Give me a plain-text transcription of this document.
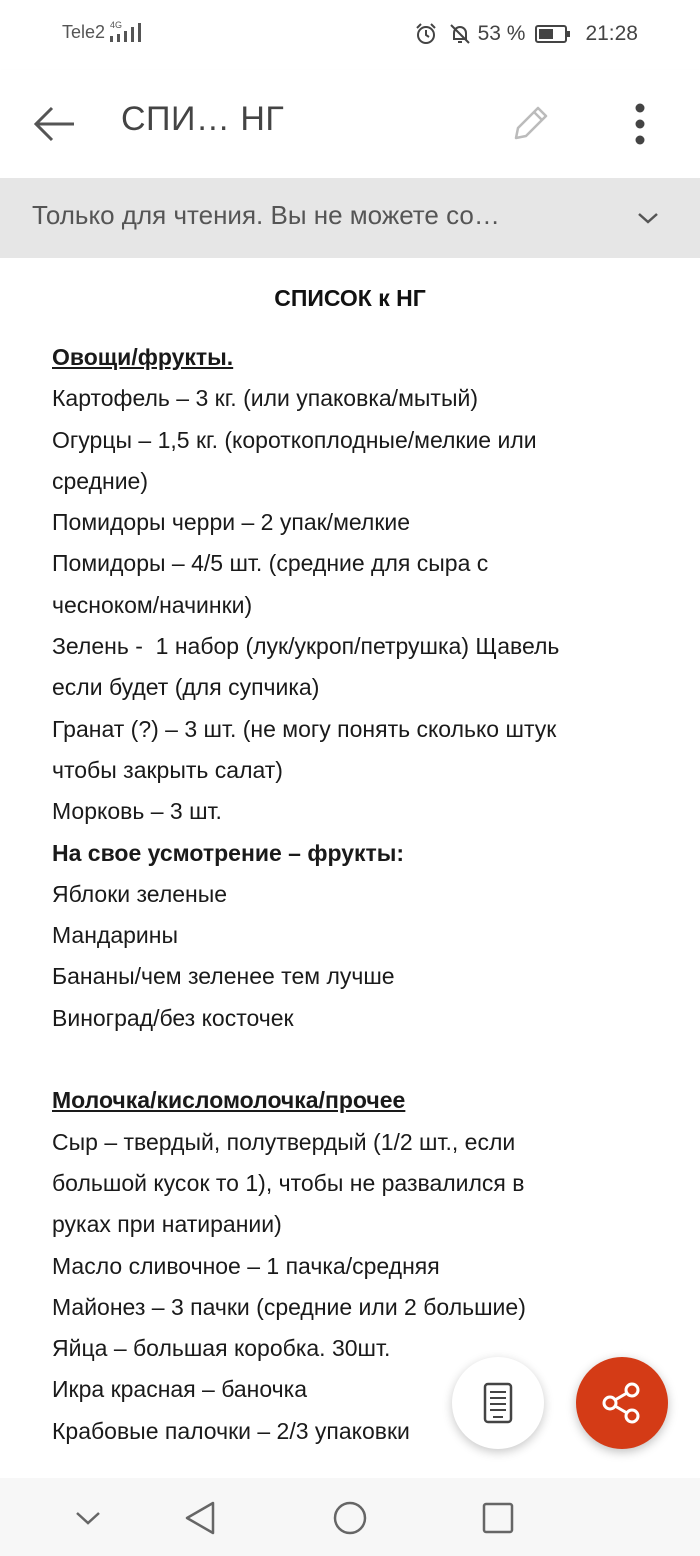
Tele2 4G	53 %	21:28
СПИ… НГ
Только для чтения. Вы не можете со…
СПИСОК к НГ
Овощи/фрукты.
Картофель – 3 кг. (или упаковка/мытый)
Огурцы – 1,5 кг. (короткоплодные/мелкие или
средние)
Помидоры черри – 2 упак/мелкие
Помидоры – 4/5 шт. (средние для сыра с
чесноком/начинки)
Зелень -  1 набор (лук/укроп/петрушка) Щавель
если будет (для супчика)
Гранат (?) – 3 шт. (не могу понять сколько штук
чтобы закрыть салат)
Морковь – 3 шт.
На свое усмотрение – фрукты:
Яблоки зеленые
Мандарины
Бананы/чем зеленее тем лучше
Виноград/без косточек
Молочка/кисломолочка/прочее
Сыр – твердый, полутвердый (1/2 шт., если
большой кусок то 1), чтобы не развалился в
руках при натирании)
Масло сливочное – 1 пачка/средняя
Майонез – 3 пачки (средние или 2 большие)
Яйца – большая коробка. 30шт.
Икра красная – баночка
Крабовые палочки – 2/3 упаковки
